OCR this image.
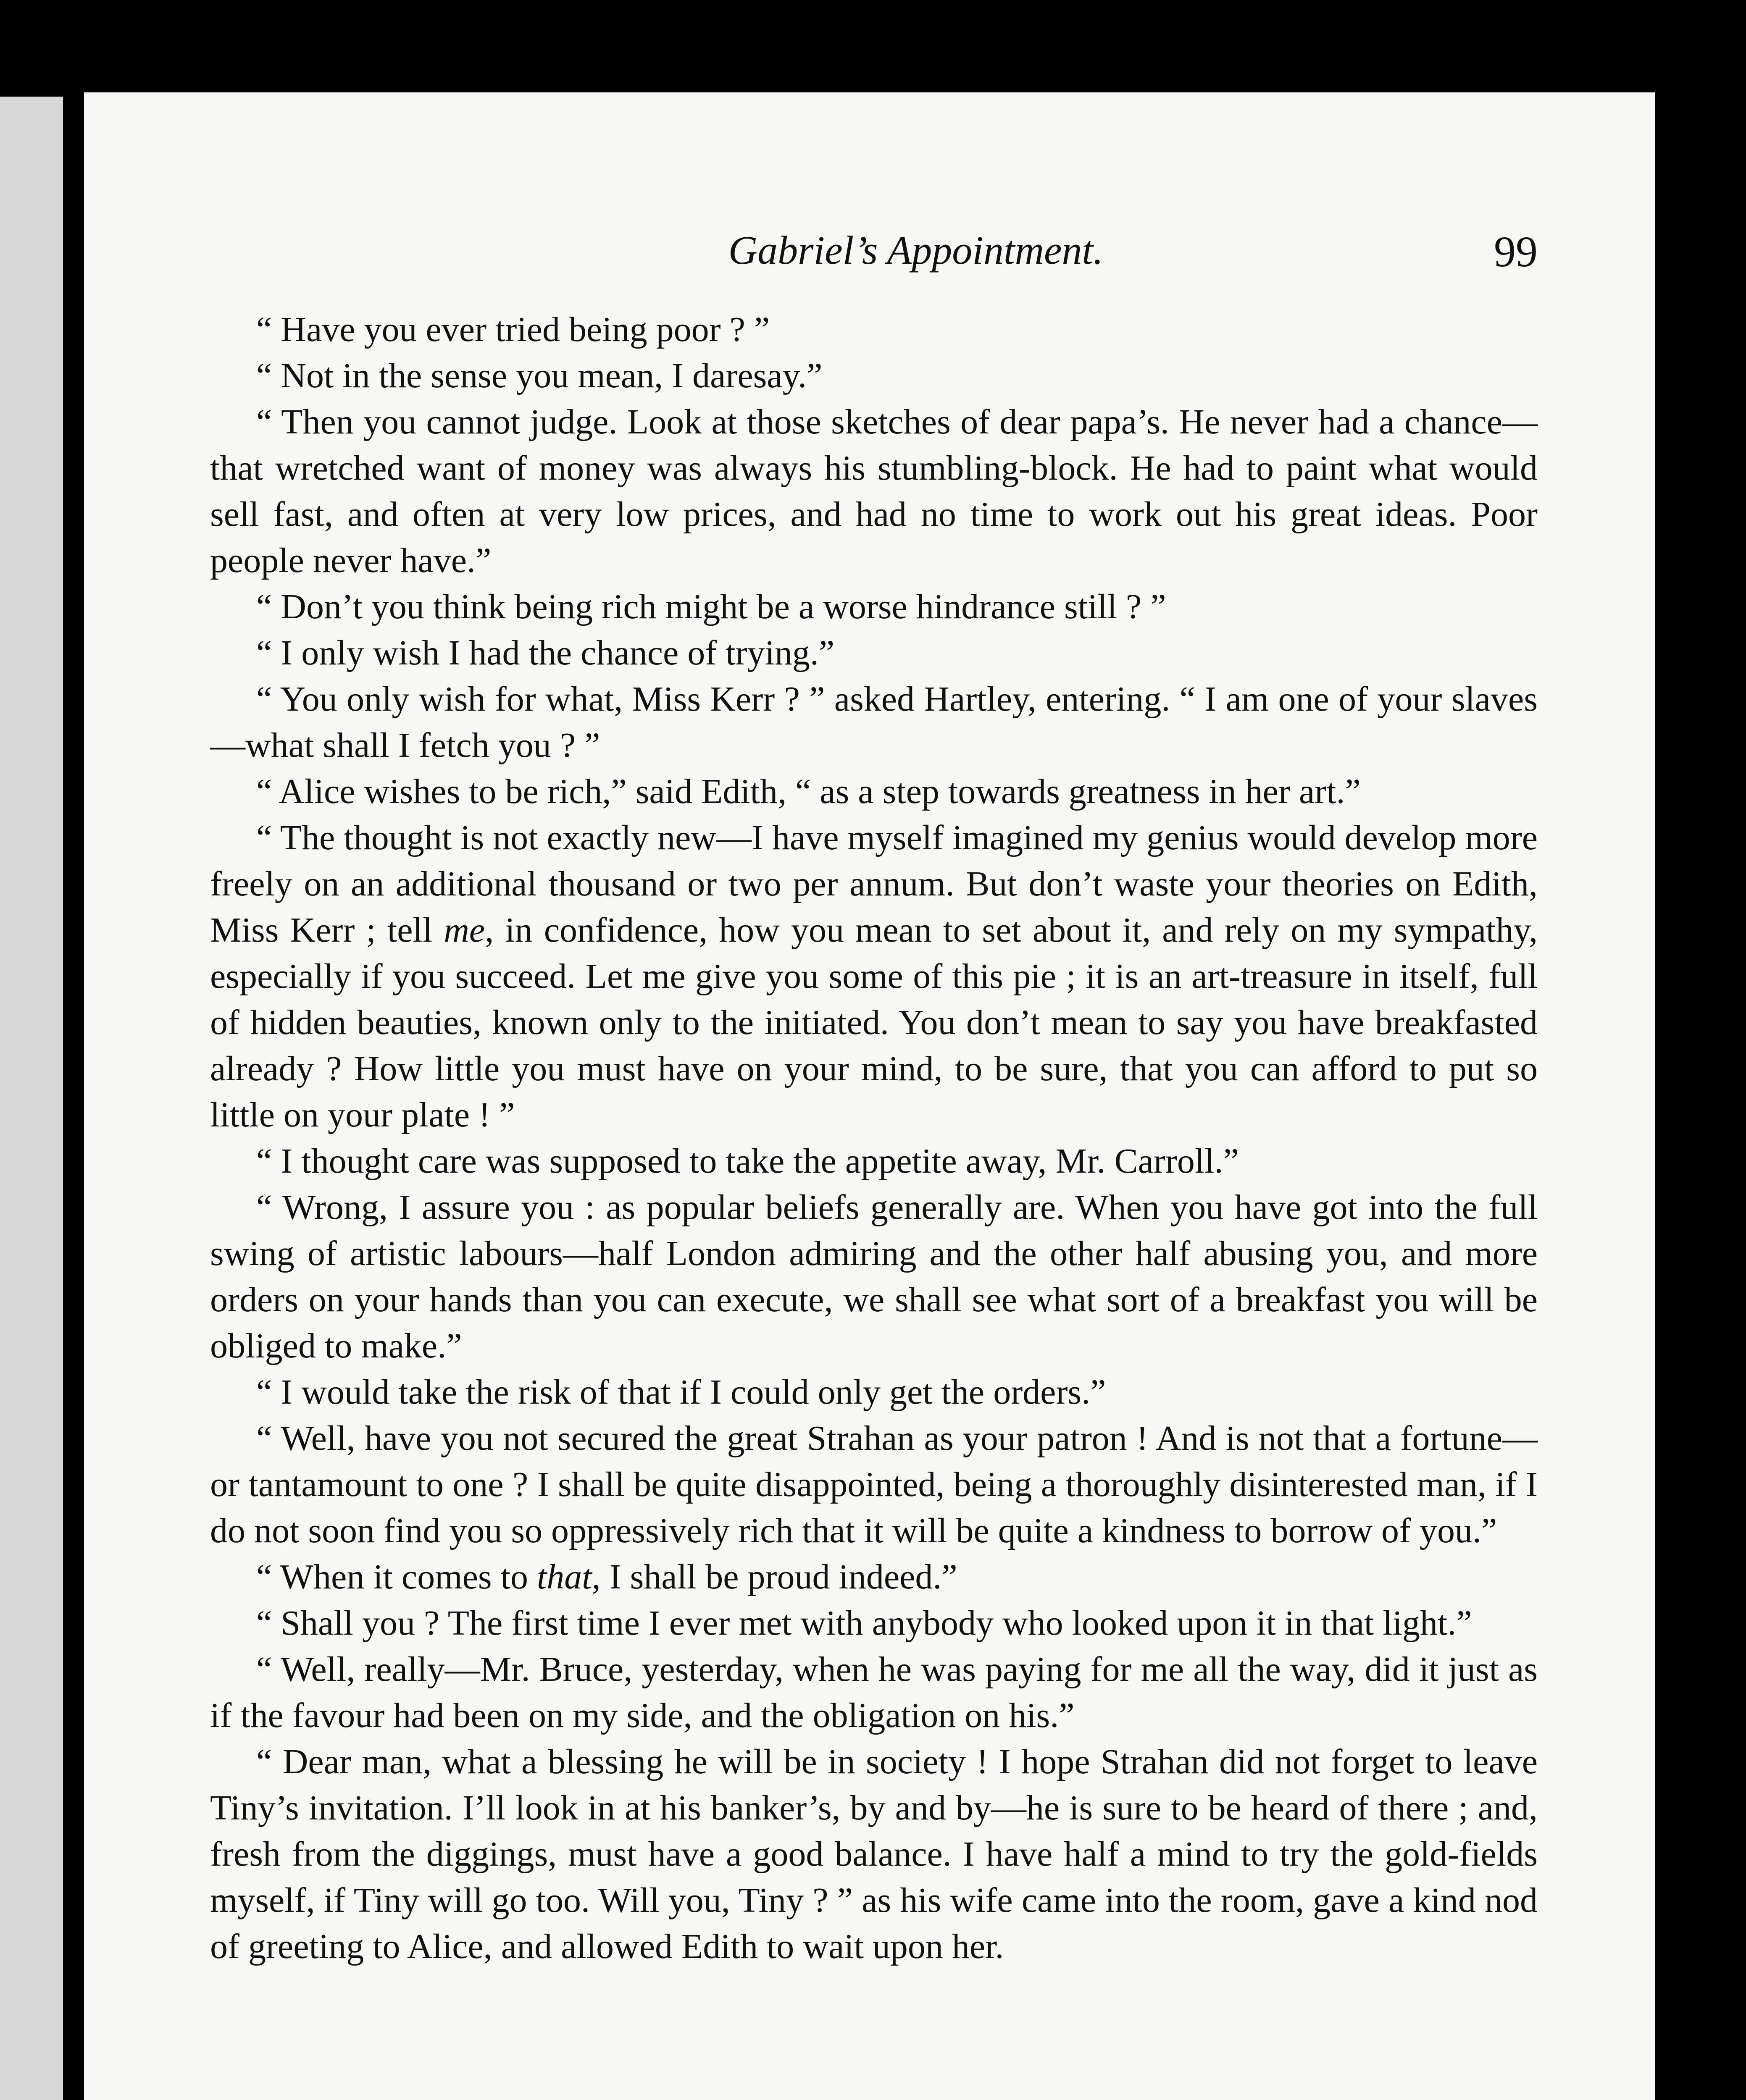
Gabriel’s Appointment.	99

“ Have you ever tried being poor ? ”

“ Not in the sense you mean, I daresay.”

“ Then you cannot judge. Look at those sketches of dear papa’s. He never had a chance—that wretched want of money was always his stumbling-block. He had to paint what would sell fast, and often at very low prices, and had no time to work out his great ideas. Poor people never have.”

“ Don’t you think being rich might be a worse hindrance still ? ”

“ I only wish I had the chance of trying.”

“ You only wish for what, Miss Kerr ? ” asked Hartley, entering. “ I am one of your slaves—what shall I fetch you ? ”

“ Alice wishes to be rich,” said Edith, “ as a step towards greatness in her art.”

“ The thought is not exactly new—I have myself imagined my genius would develop more freely on an additional thousand or two per annum. But don’t waste your theories on Edith, Miss Kerr ; tell me, in confidence, how you mean to set about it, and rely on my sympathy, especially if you succeed. Let me give you some of this pie ; it is an art-treasure in itself, full of hidden beauties, known only to the initiated. You don’t mean to say you have breakfasted already ? How little you must have on your mind, to be sure, that you can afford to put so little on your plate ! ”

“ I thought care was supposed to take the appetite away, Mr. Carroll.”

“ Wrong, I assure you : as popular beliefs generally are. When you have got into the full swing of artistic labours—half London admiring and the other half abusing you, and more orders on your hands than you can execute, we shall see what sort of a breakfast you will be obliged to make.”

“ I would take the risk of that if I could only get the orders.”

“ Well, have you not secured the great Strahan as your patron ! And is not that a fortune—or tantamount to one ? I shall be quite disappointed, being a thoroughly disinterested man, if I do not soon find you so oppressively rich that it will be quite a kindness to borrow of you.”

“ When it comes to that, I shall be proud indeed.”

“ Shall you ? The first time I ever met with anybody who looked upon it in that light.”

“ Well, really—Mr. Bruce, yesterday, when he was paying for me all the way, did it just as if the favour had been on my side, and the obligation on his.”

“ Dear man, what a blessing he will be in society ! I hope Strahan did not forget to leave Tiny’s invitation. I’ll look in at his banker’s, by and by—he is sure to be heard of there ; and, fresh from the diggings, must have a good balance. I have half a mind to try the gold-fields myself, if Tiny will go too. Will you, Tiny ? ” as his wife came into the room, gave a kind nod of greeting to Alice, and allowed Edith to wait upon her.
